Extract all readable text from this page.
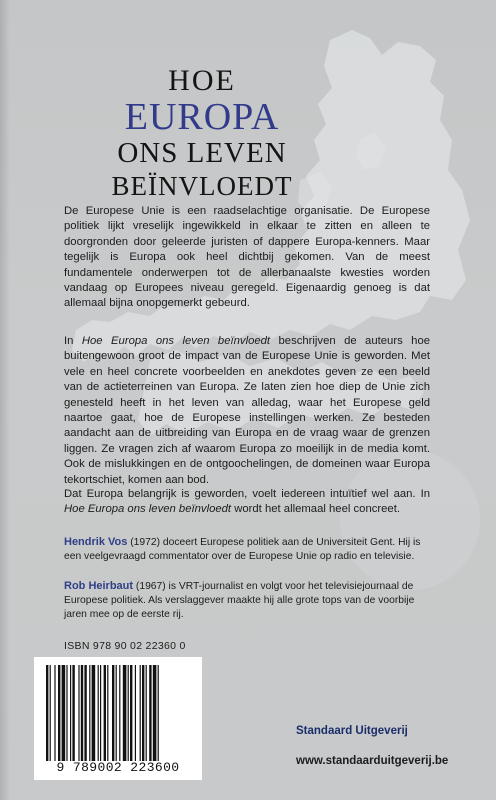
HOE
EUROPA
ONS LEVEN
BEÏNVLOEDT

De Europese Unie is een raadselachtige organisatie. De Europese politiek lijkt vreselijk ingewikkeld in elkaar te zitten en alleen te doorgronden door geleerde juristen of dappere Europa-kenners. Maar tegelijk is Europa ook heel dichtbij gekomen. Van de meest fundamentele onderwerpen tot de allerbanaalste kwesties worden vandaag op Europees niveau geregeld. Eigenaardig genoeg is dat allemaal bijna onopgemerkt gebeurd.

In Hoe Europa ons leven beïnvloedt beschrijven de auteurs hoe buitengewoon groot de impact van de Europese Unie is geworden. Met vele en heel concrete voorbeelden en anekdotes geven ze een beeld van de actieterreinen van Europa. Ze laten zien hoe diep de Unie zich genesteld heeft in het leven van alledag, waar het Europese geld naartoe gaat, hoe de Europese instellingen werken. Ze besteden aandacht aan de uitbreiding van Europa en de vraag waar de grenzen liggen. Ze vragen zich af waarom Europa zo moeilijk in de media komt. Ook de mislukkingen en de ontgoochelingen, de domeinen waar Europa tekortschiet, komen aan bod.

Dat Europa belangrijk is geworden, voelt iedereen intuïtief wel aan. In Hoe Europa ons leven beïnvloedt wordt het allemaal heel concreet.

Hendrik Vos (1972) doceert Europese politiek aan de Universiteit Gent. Hij is een veelgevraagd commentator over de Europese Unie op radio en televisie.

Rob Heirbaut (1967) is VRT-journalist en volgt voor het televisiejournaal de Europese politiek. Als verslaggever maakte hij alle grote tops van de voorbije jaren mee op de eerste rij.

ISBN 978 90 02 22360 0
9 789002 223600
Standaard Uitgeverij
www.standaarduitgeverij.be
